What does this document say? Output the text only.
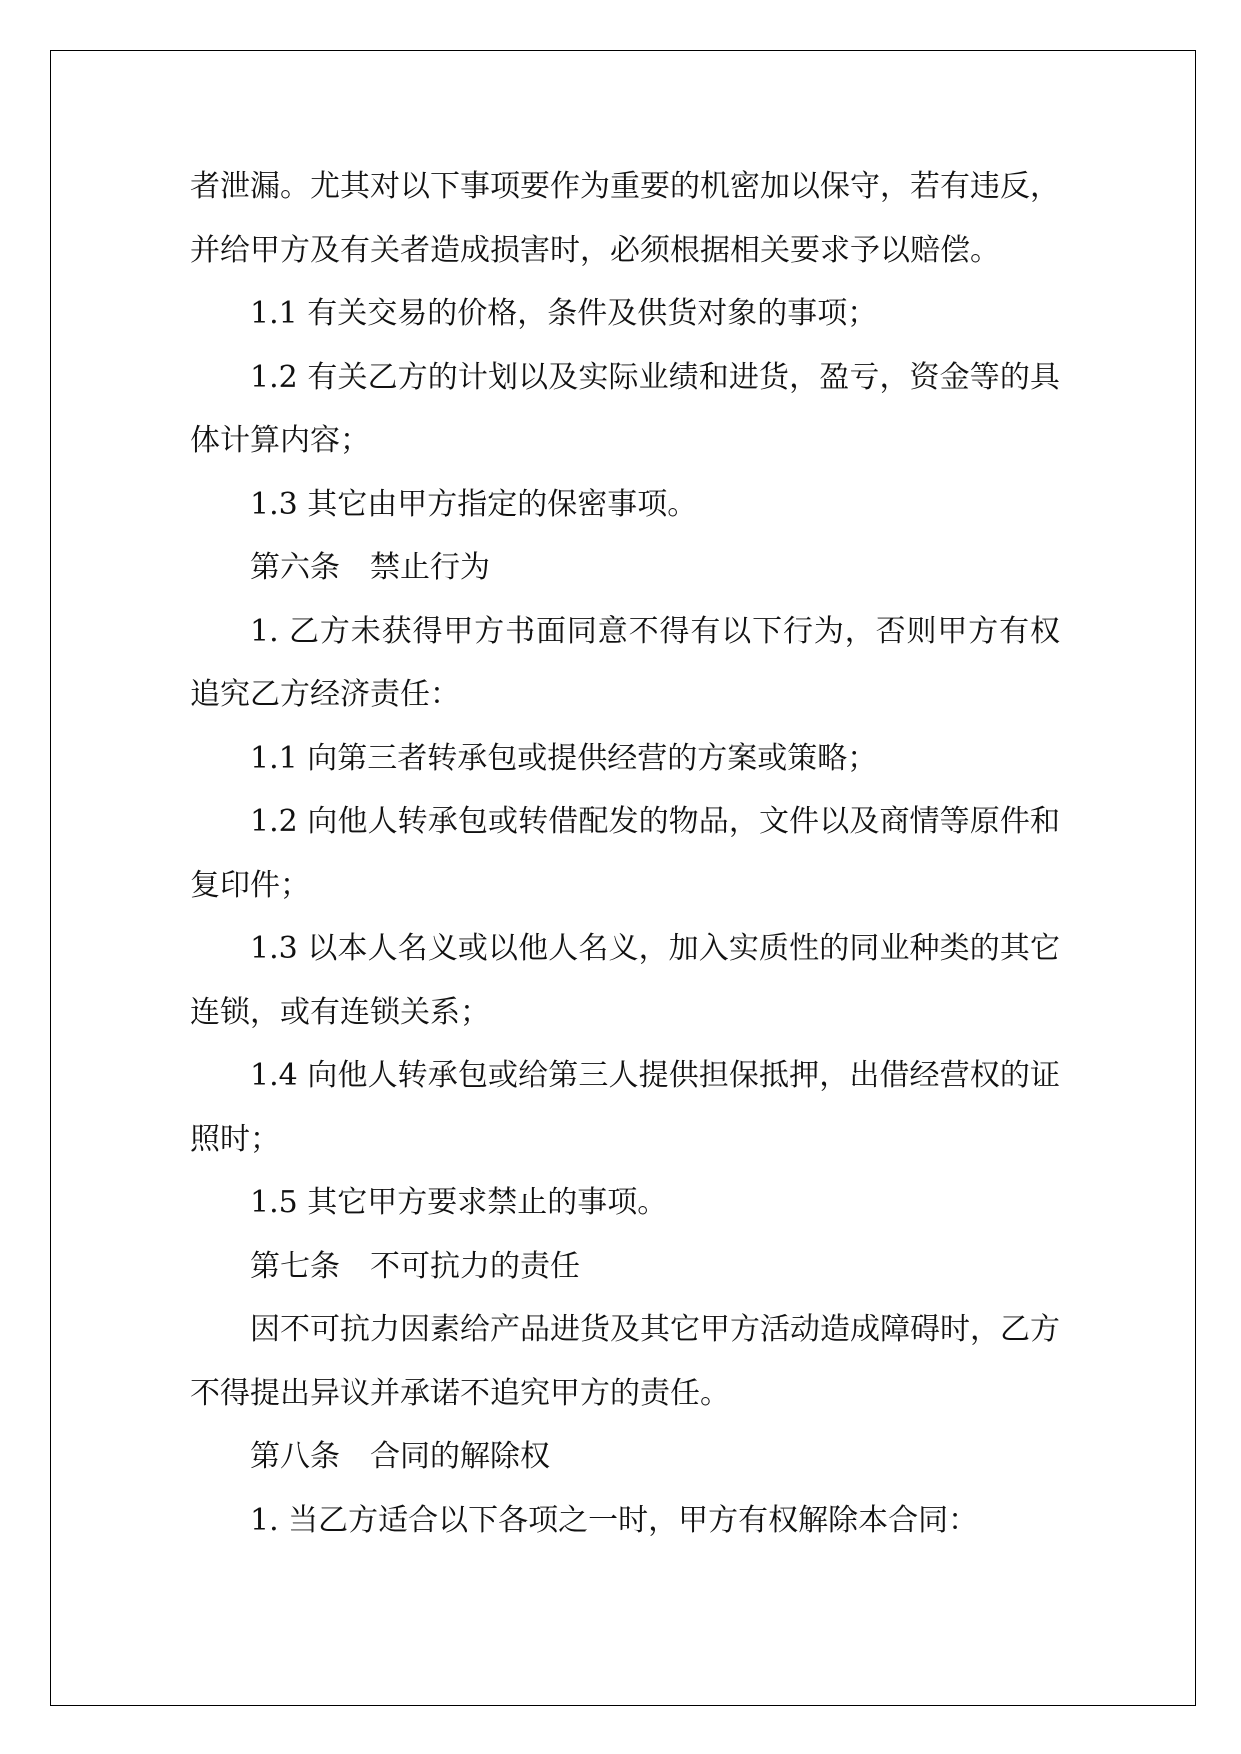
者泄漏。尤其对以下事项要作为重要的机密加以保守，若有违反，并给甲方及有关者造成损害时，必须根据相关要求予以赔偿。

1.1 有关交易的价格，条件及供货对象的事项；

1.2 有关乙方的计划以及实际业绩和进货，盈亏，资金等的具体计算内容；

1.3 其它由甲方指定的保密事项。

第六条　禁止行为

1. 乙方未获得甲方书面同意不得有以下行为，否则甲方有权追究乙方经济责任：

1.1 向第三者转承包或提供经营的方案或策略；

1.2 向他人转承包或转借配发的物品，文件以及商情等原件和复印件；

1.3 以本人名义或以他人名义，加入实质性的同业种类的其它连锁，或有连锁关系；

1.4 向他人转承包或给第三人提供担保抵押，出借经营权的证照时；

1.5 其它甲方要求禁止的事项。

第七条　不可抗力的责任

因不可抗力因素给产品进货及其它甲方活动造成障碍时，乙方不得提出异议并承诺不追究甲方的责任。

第八条　合同的解除权

1. 当乙方适合以下各项之一时，甲方有权解除本合同：
